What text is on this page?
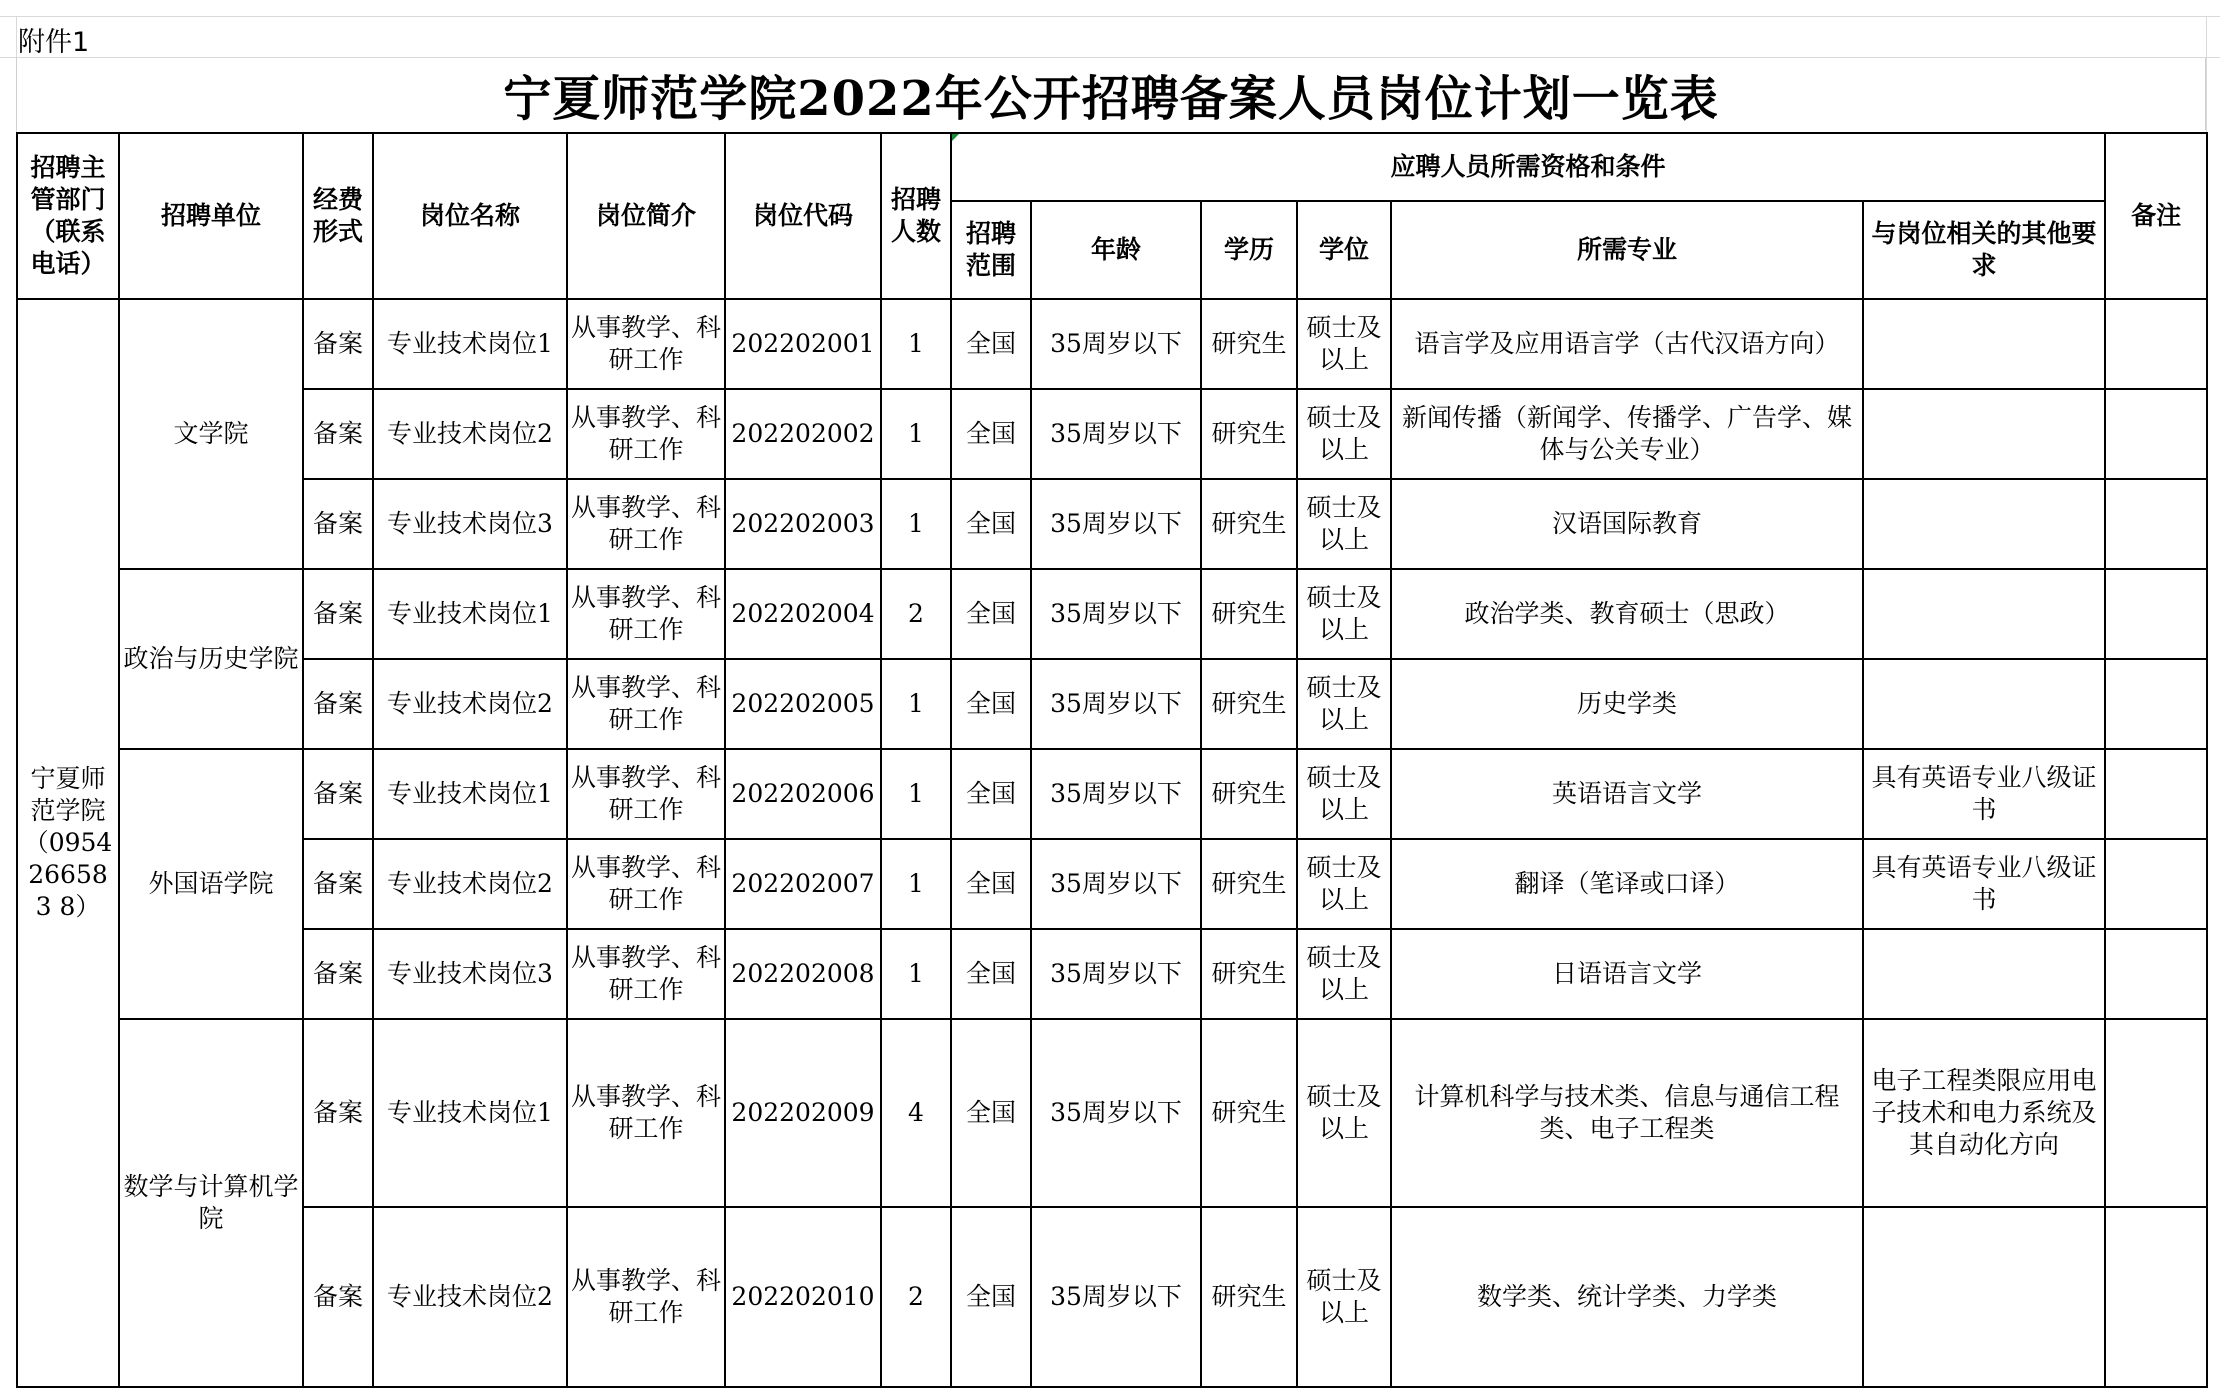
附件1
宁夏师范学院2022年公开招聘备案人员岗位计划一览表
招聘主管部门（联系电话）	招聘单位	经费形式	岗位名称	岗位简介	岗位代码	招聘人数	应聘人员所需资格和条件						备注
							招聘范围	年龄	学历	学位	所需专业	与岗位相关的其他要求	
宁夏师范学院（0954266583 8）	文学院	备案	专业技术岗位1	从事教学、科研工作	202202001	1	全国	35周岁以下	研究生	硕士及以上	语言学及应用语言学（古代汉语方向）		
		备案	专业技术岗位2	从事教学、科研工作	202202002	1	全国	35周岁以下	研究生	硕士及以上	新闻传播（新闻学、传播学、广告学、媒体与公关专业）		
		备案	专业技术岗位3	从事教学、科研工作	202202003	1	全国	35周岁以下	研究生	硕士及以上	汉语国际教育		
	政治与历史学院	备案	专业技术岗位1	从事教学、科研工作	202202004	2	全国	35周岁以下	研究生	硕士及以上	政治学类、教育硕士（思政）		
		备案	专业技术岗位2	从事教学、科研工作	202202005	1	全国	35周岁以下	研究生	硕士及以上	历史学类		
	外国语学院	备案	专业技术岗位1	从事教学、科研工作	202202006	1	全国	35周岁以下	研究生	硕士及以上	英语语言文学	具有英语专业八级证书	
		备案	专业技术岗位2	从事教学、科研工作	202202007	1	全国	35周岁以下	研究生	硕士及以上	翻译（笔译或口译）	具有英语专业八级证书	
		备案	专业技术岗位3	从事教学、科研工作	202202008	1	全国	35周岁以下	研究生	硕士及以上	日语语言文学		
	数学与计算机学院	备案	专业技术岗位1	从事教学、科研工作	202202009	4	全国	35周岁以下	研究生	硕士及以上	计算机科学与技术类、信息与通信工程类、电子工程类	电子工程类限应用电子技术和电力系统及其自动化方向	
		备案	专业技术岗位2	从事教学、科研工作	202202010	2	全国	35周岁以下	研究生	硕士及以上	数学类、统计学类、力学类		
